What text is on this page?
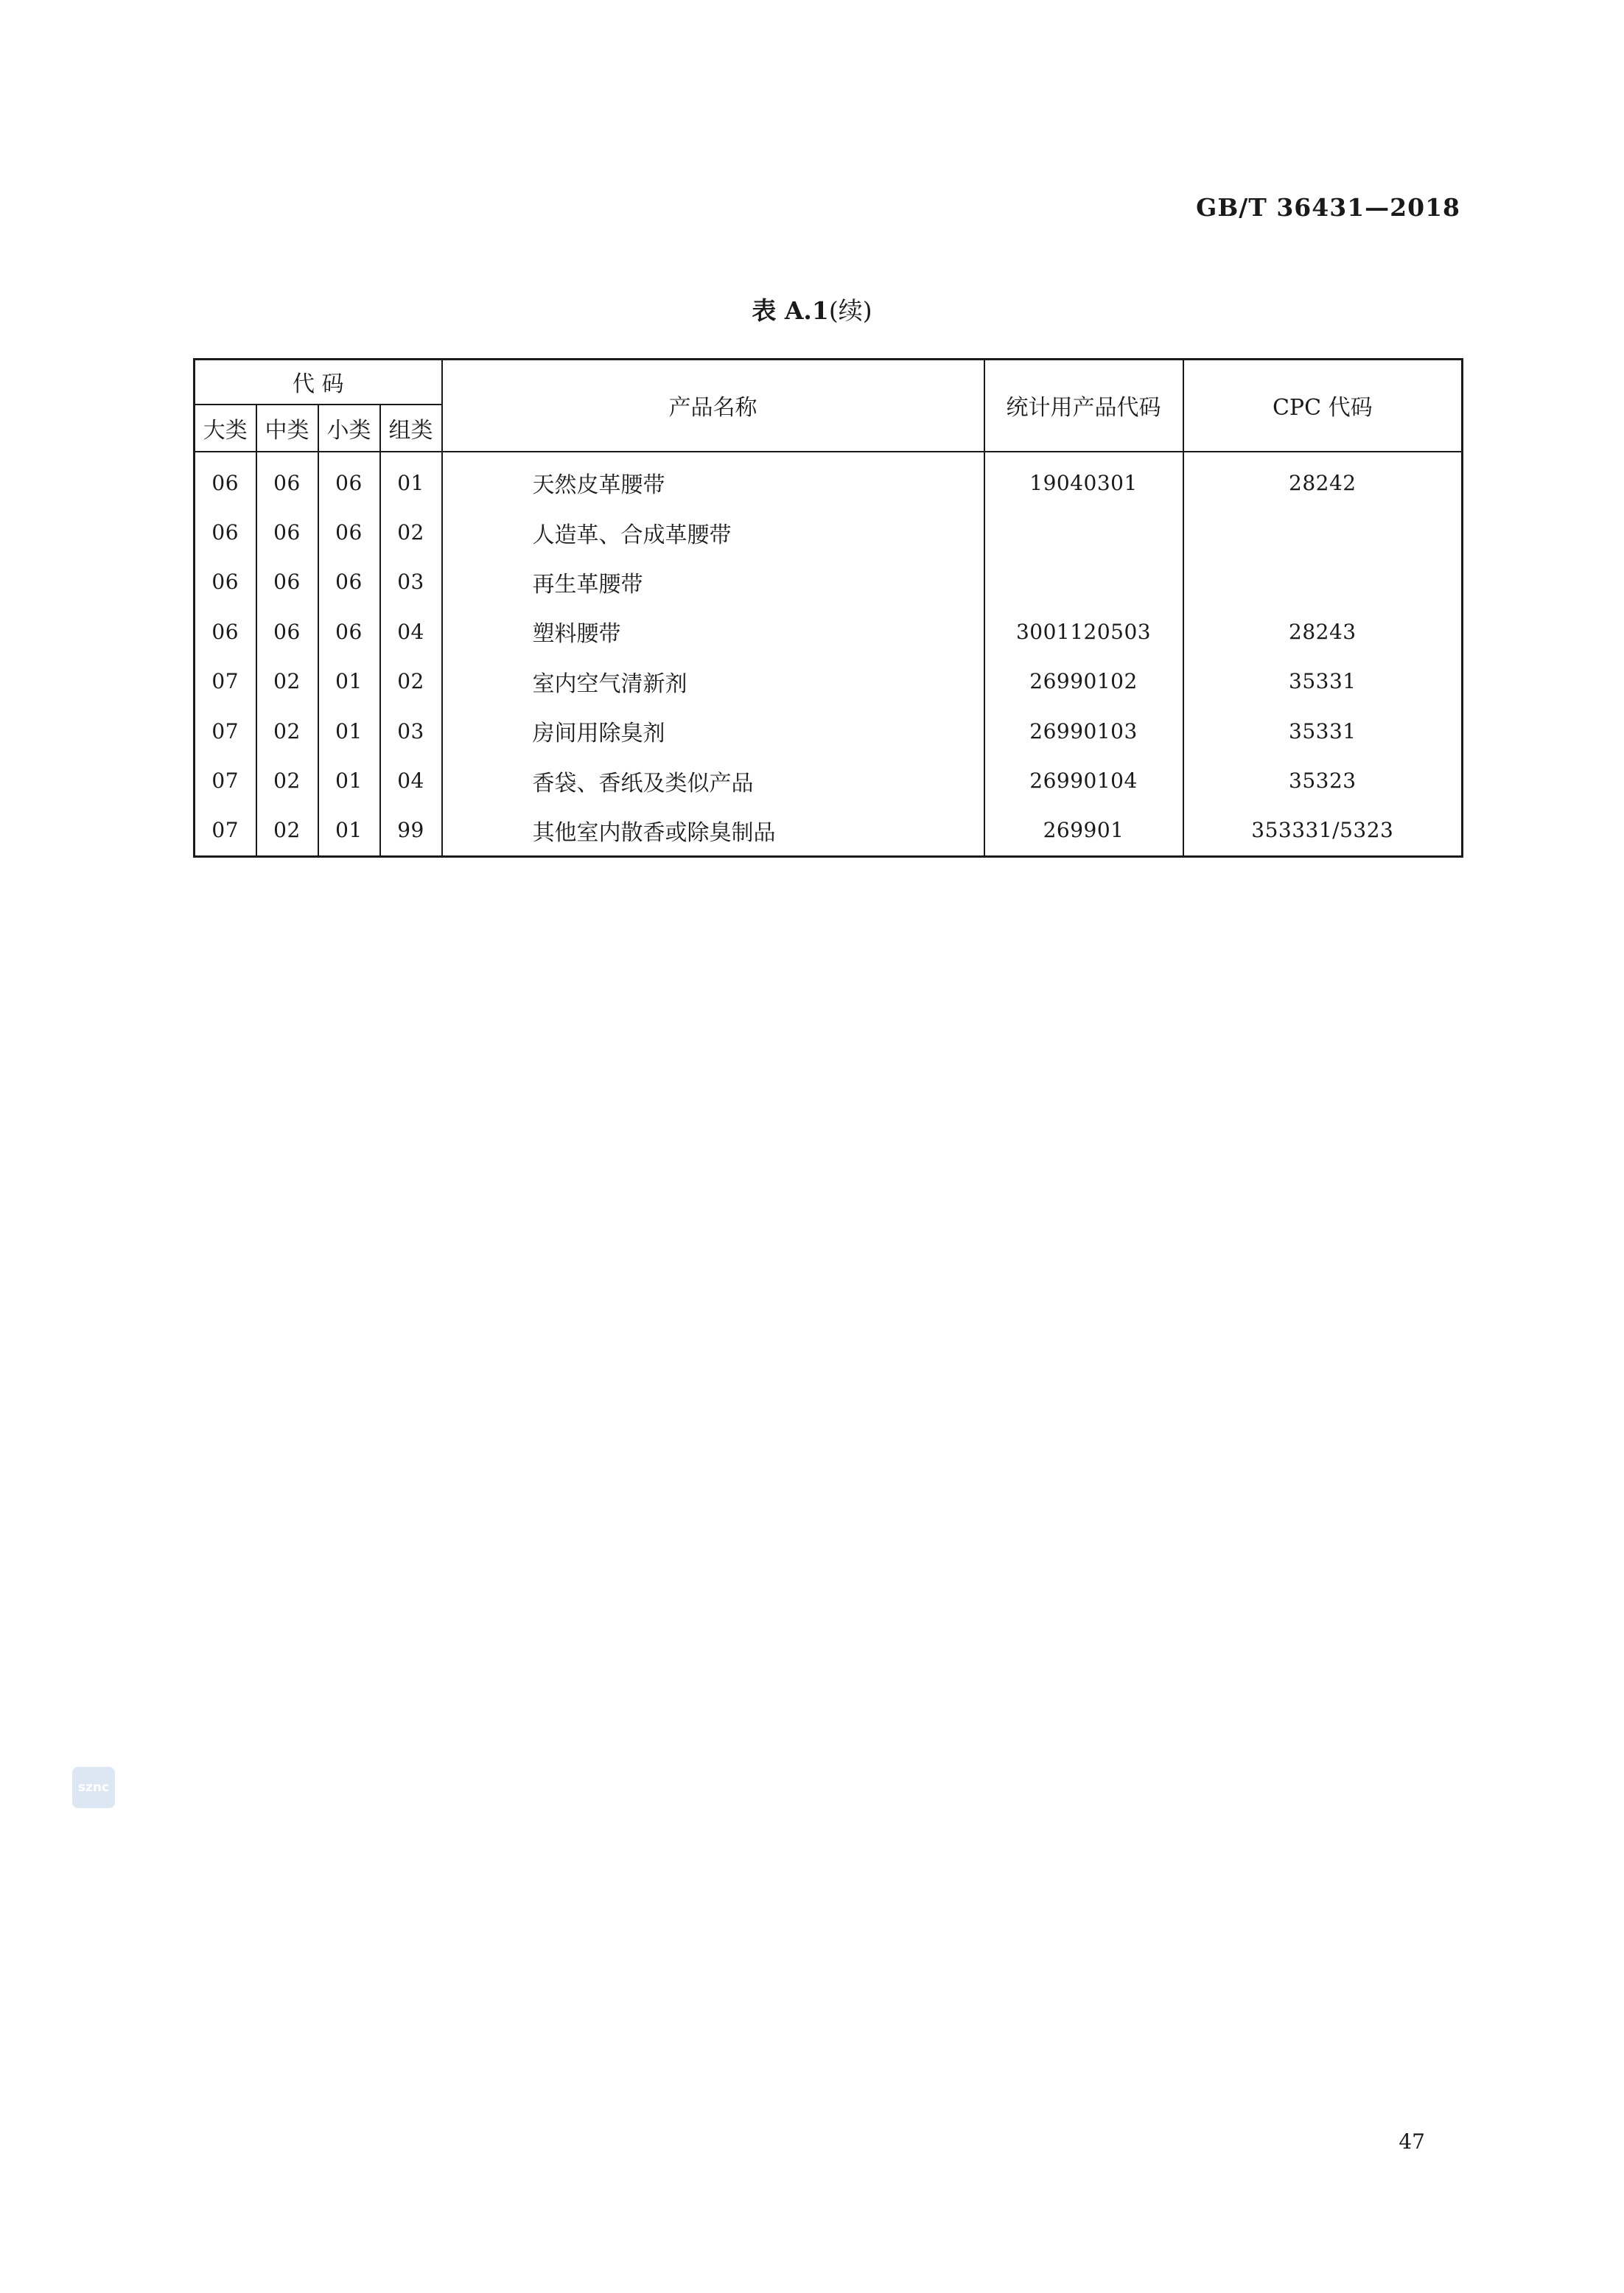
GB/T 36431—2018
表 A.1(续)
代 码				产品名称	统计用产品代码	CPC 代码
大类	中类	小类	组类			
06	06	06	01	天然皮革腰带	19040301	28242
06	06	06	02	人造革、合成革腰带		
06	06	06	03	再生革腰带		
06	06	06	04	塑料腰带	3001120503	28243
07	02	01	02	室内空气清新剂	26990102	35331
07	02	01	03	房间用除臭剂	26990103	35331
07	02	01	04	香袋、香纸及类似产品	26990104	35323
07	02	01	99	其他室内散香或除臭制品	269901	353331/5323
sznc
47
